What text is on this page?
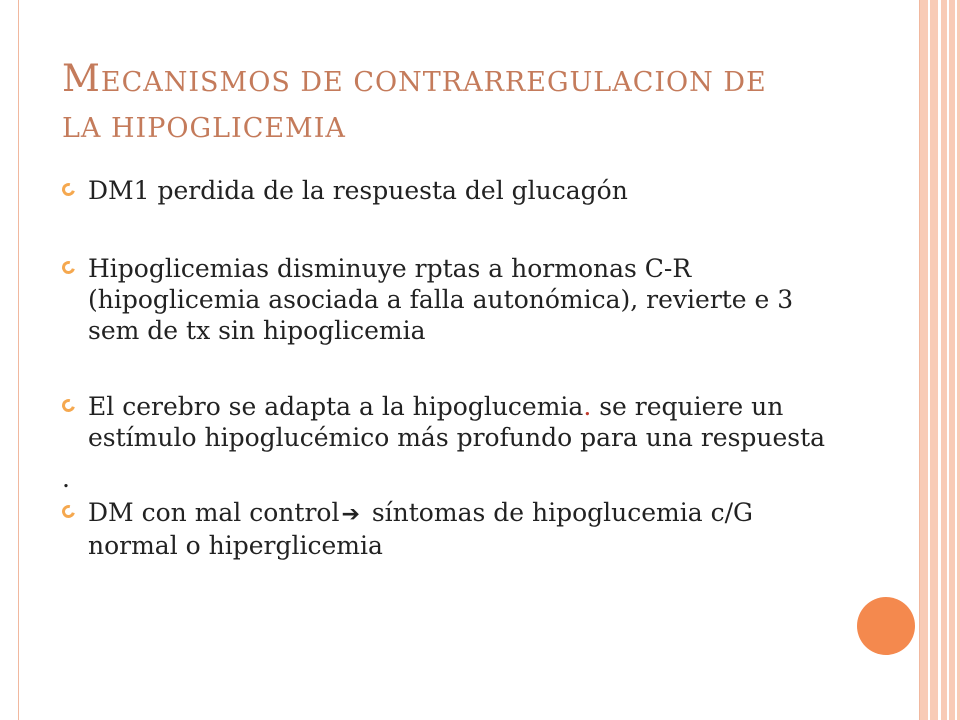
MECANISMOS DE CONTRARREGULACION DE
LA HIPOGLICEMIA
DM1 perdida de la respuesta del glucagón
Hipoglicemias disminuye rptas a hormonas C-R (hipoglicemia asociada a falla autonómica), revierte e 3 sem de tx sin hipoglicemia
El cerebro se adapta a la hipoglucemia. se requiere un estímulo hipoglucémico más profundo para una respuesta
.
DM con mal control➔ síntomas de hipoglucemia c/G normal o hiperglicemia
